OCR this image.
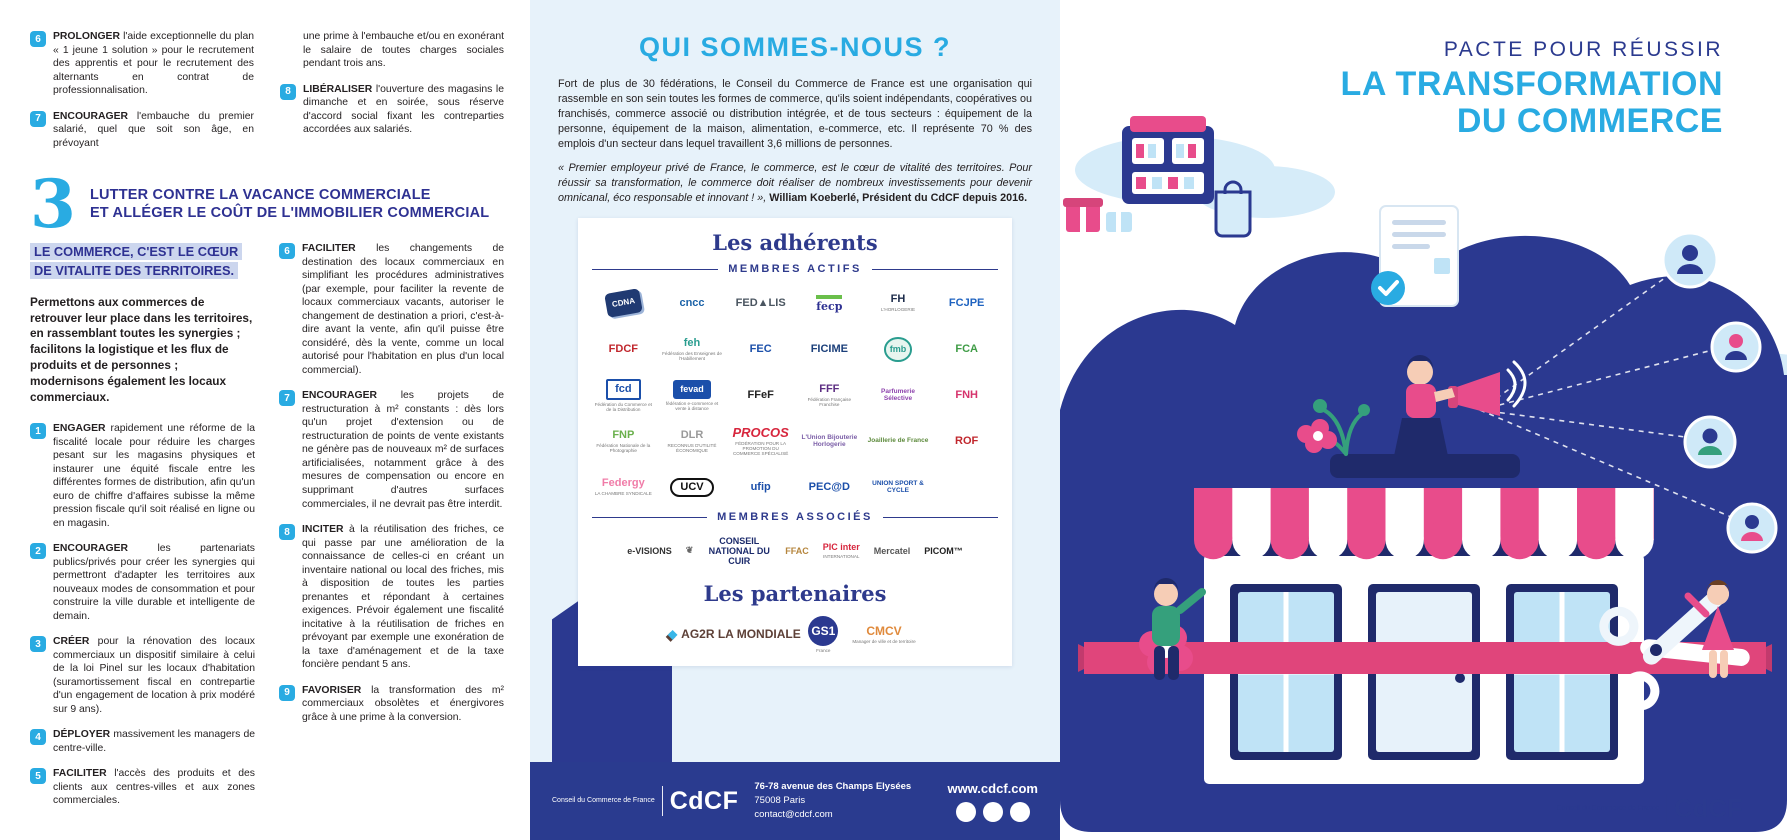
6	PROLONGER l'aide exceptionnelle du plan « 1 jeune 1 solution » pour le recrutement des apprentis et pour le recrutement des alternants en contrat de professionnalisation.

7	ENCOURAGER l'embauche du premier salarié, quel que soit son âge, en prévoyant

une prime à l'embauche et/ou en exonérant le salaire de toutes charges sociales pendant trois ans.

8	LIBÉRALISER l'ouverture des magasins le dimanche et en soirée, sous réserve d'accord social fixant les contreparties accordées aux salariés.

3 LUTTER CONTRE LA VACANCE COMMERCIALE
ET ALLÉGER LE COÛT DE L'IMMOBILIER COMMERCIAL
LE COMMERCE, C'EST LE CŒUR DE VITALITE DES TERRITOIRES.

Permettons aux commerces de retrouver leur place dans les territoires, en rassemblant toutes les synergies ; facilitons la logistique et les flux de produits et de personnes ; modernisons également les locaux commerciaux.

1	ENGAGER rapidement une réforme de la fiscalité locale pour réduire les charges pesant sur les magasins physiques et instaurer une équité fiscale entre les différentes formes de distribution, afin qu'un euro de chiffre d'affaires subisse la même pression fiscale qu'il soit réalisé en ligne ou en magasin.

2	ENCOURAGER	les partenariats publics/privés pour créer les synergies qui permettront d'adapter les territoires aux nouveaux modes de consommation et pour construire la ville durable et intelligente de demain.

3	CRÉER pour la rénovation des locaux commerciaux un dispositif similaire à celui de la loi Pinel sur les locaux d'habitation (suramortissement fiscal en contrepartie d'un engagement de location à prix modéré sur 9 ans).

4	DÉPLOYER massivement les managers de centre-ville.

5	FACILITER l'accès des produits et des clients aux centres-villes et aux zones commerciales.

6	FACILITER les changements de destination des locaux commerciaux en simplifiant les procédures administratives (par exemple, pour faciliter la revente de locaux commerciaux vacants, autoriser le changement de destination a priori, c'est-à-dire avant la vente, afin qu'il puisse être considéré, dès la vente, comme un local autorisé pour l'habitation en plus d'un local commercial).

7	ENCOURAGER les projets de restructuration à m² constants : dès lors qu'un projet d'extension ou de restructuration de points de vente existants ne génère pas de nouveaux m² de surfaces artificialisées, notamment grâce à des mesures de compensation ou encore en supprimant d'autres surfaces commerciales, il ne devrait pas être interdit.

8	INCITER à la réutilisation des friches, ce qui passe par une amélioration de la connaissance de celles-ci en créant un inventaire national ou local des friches, mis à disposition de toutes les parties prenantes et répondant à certaines exigences. Prévoir également une fiscalité incitative à la réutilisation de friches en prévoyant par exemple une exonération de la taxe d'aménagement et de la taxe foncière pendant 5 ans.

9	FAVORISER la transformation des m² commerciaux obsolètes et énergivores grâce à une prime à la conversion.

QUI SOMMES-NOUS ?

Fort de plus de 30 fédérations, le Conseil du Commerce de France est une organisation qui rassemble en son sein toutes les formes de commerce, qu'ils soient indépendants, coopératives ou franchisés, commerce associé ou distribution intégrée, et de tous secteurs : équipement de la personne, équipement de la maison, alimentation, e-commerce, etc. Il représente 70 % des emplois d'un secteur dans lequel travaillent 3,6 millions de personnes.

« Premier employeur privé de France, le commerce, est le cœur de vitalité des territoires. Pour réussir sa transformation, le commerce doit réaliser de nombreux investissements pour devenir omnicanal, éco responsable et innovant ! », William Koeberlé, Président du CdCF depuis 2016.

Les adhérents
MEMBRES ACTIFS
CDNA	cncc	FED▲LIS	fecp
FH
L'HORLOGERIE
FCJPE
FDCF
feh
Fédération des Enseignes de l'Habillement
FEC	FICIME	fmb	FCA
fcd
Fédération du Commerce et de la Distribution
fevad
fédération e-commerce et vente à distance
FFeF
FFF
Fédération Française Franchise
Parfumerie Sélective	FNH
FNP
Fédération Nationale de la Photographie
DLR
RECONNUS D'UTILITÉ ÉCONOMIQUE
PROCOS
FÉDÉRATION POUR LA PROMOTION DU COMMERCE SPÉCIALISÉ
L'Union Bijouterie Horlogerie
Joaillerie de France ROF
Federgy
LA CHAMBRE SYNDICALE
UCV	ufip	PEC@D	UNION SPORT & CYCLE
MEMBRES ASSOCIÉS
e-VISIONS ❦
CONSEIL NATIONAL DU CUIR
FFAC PIC inter
INTERNATIONAL
Mercatel PICOM™
Les partenaires
◆ AG2R LA MONDIALE GS1
France
CMCV
Manager de ville et de territoire
Conseil du Commerce de France CdCF 76-78 avenue des Champs Elysées
75008 Paris
contact@cdcf.com
www.cdcf.com
PACTE POUR RÉUSSIR
LA TRANSFORMATION
DU COMMERCE
Conseil du Commerce de France CdCF
